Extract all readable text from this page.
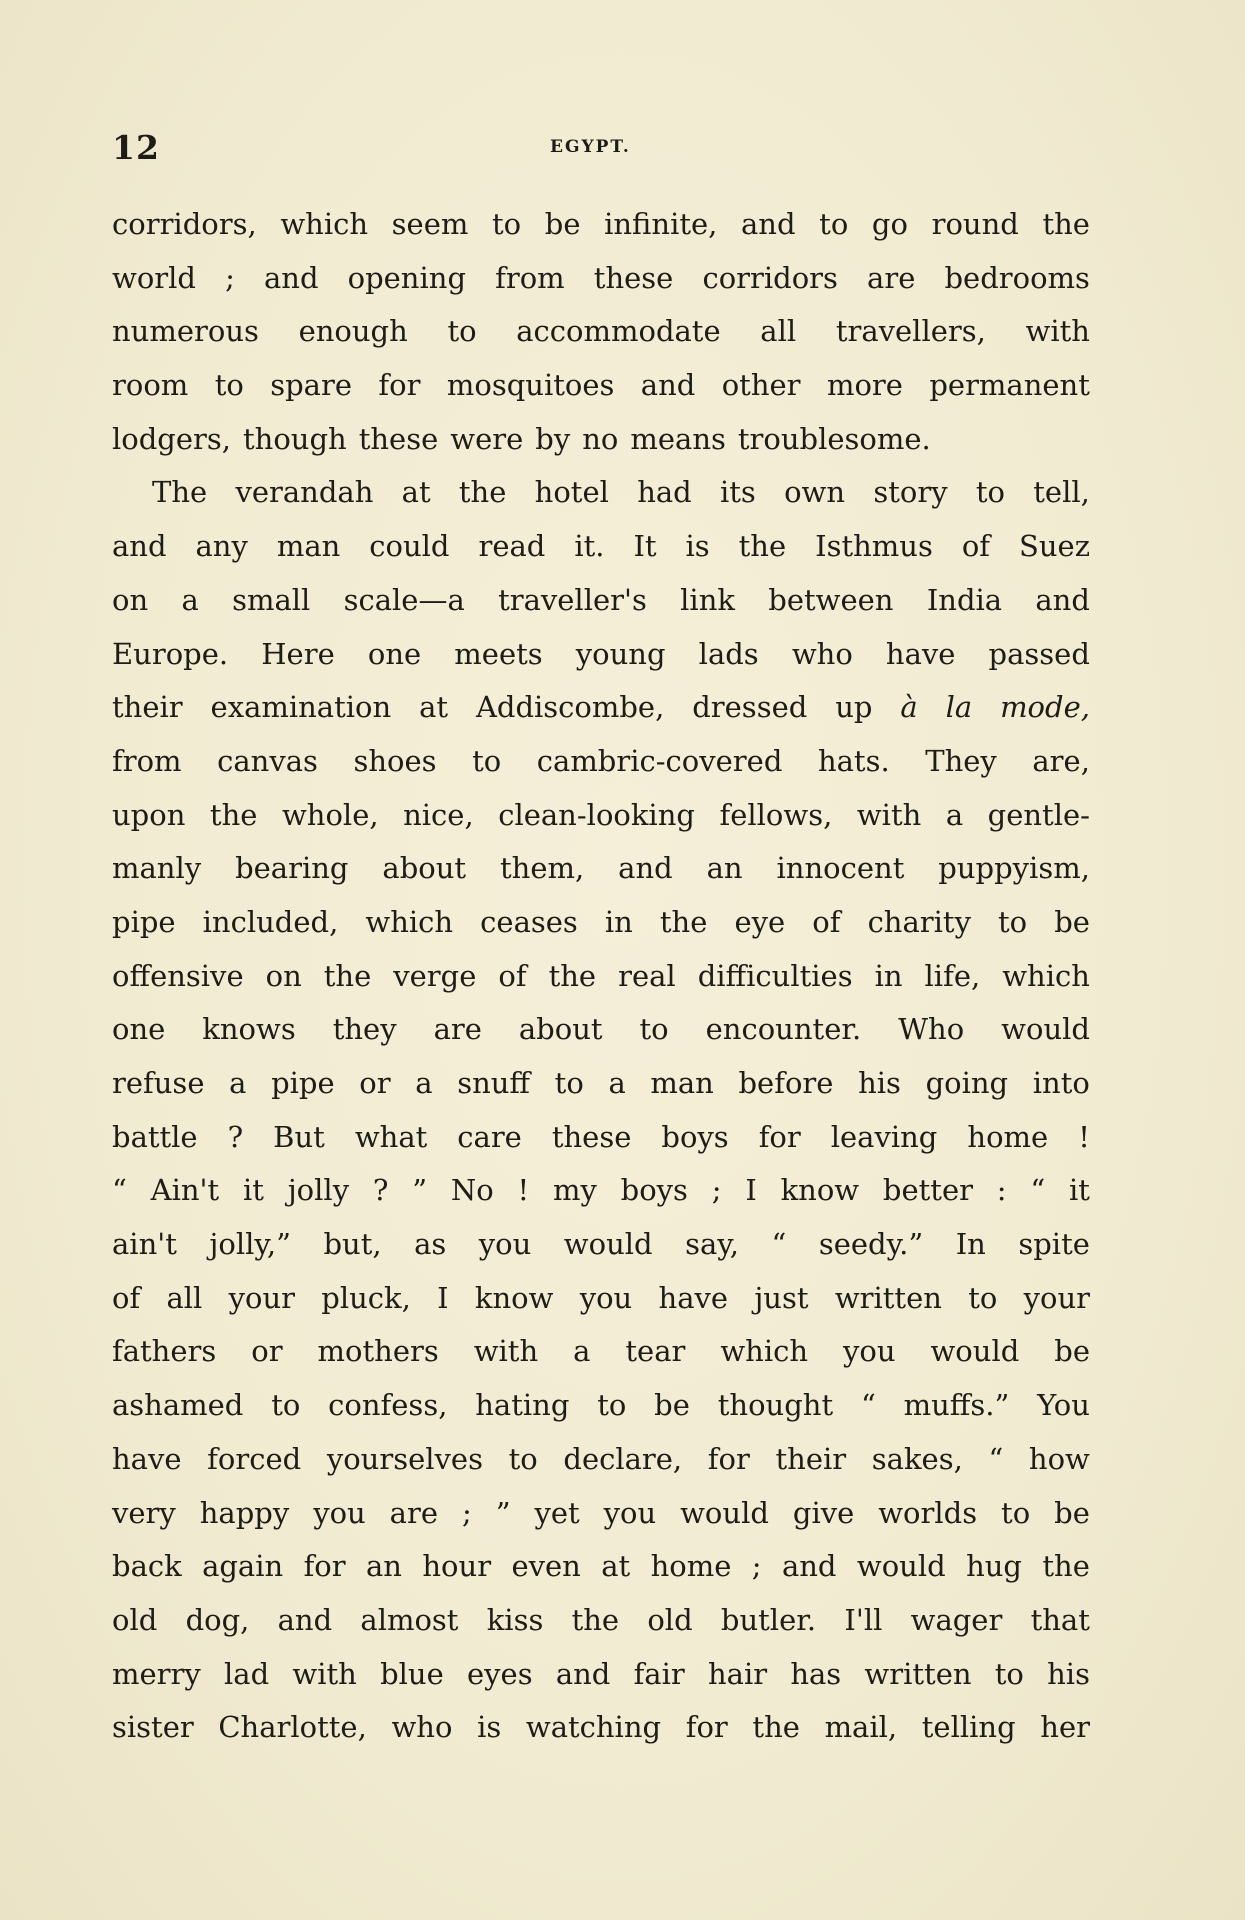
12	EGYPT.
corridors, which seem to be infinite, and to go round the
world ; and opening from these corridors are bedrooms
numerous enough to accommodate all travellers, with
room to spare for mosquitoes and other more permanent
lodgers, though these were by no means troublesome.
The verandah at the hotel had its own story to tell,
and any man could read it. It is the Isthmus of Suez
on a small scale—a traveller's link between India and
Europe. Here one meets young lads who have passed
their examination at Addiscombe, dressed up à la mode,
from canvas shoes to cambric-covered hats. They are,
upon the whole, nice, clean-looking fellows, with a gentle-
manly bearing about them, and an innocent puppyism,
pipe included, which ceases in the eye of charity to be
offensive on the verge of the real difficulties in life, which
one knows they are about to encounter. Who would
refuse a pipe or a snuff to a man before his going into
battle ? But what care these boys for leaving home !
“ Ain't it jolly ? ” No ! my boys ; I know better : “ it
ain't jolly,” but, as you would say, “ seedy.” In spite
of all your pluck, I know you have just written to your
fathers or mothers with a tear which you would be
ashamed to confess, hating to be thought “ muffs.” You
have forced yourselves to declare, for their sakes, “ how
very happy you are ; ” yet you would give worlds to be
back again for an hour even at home ; and would hug the
old dog, and almost kiss the old butler. I'll wager that
merry lad with blue eyes and fair hair has written to his
sister Charlotte, who is watching for the mail, telling her
